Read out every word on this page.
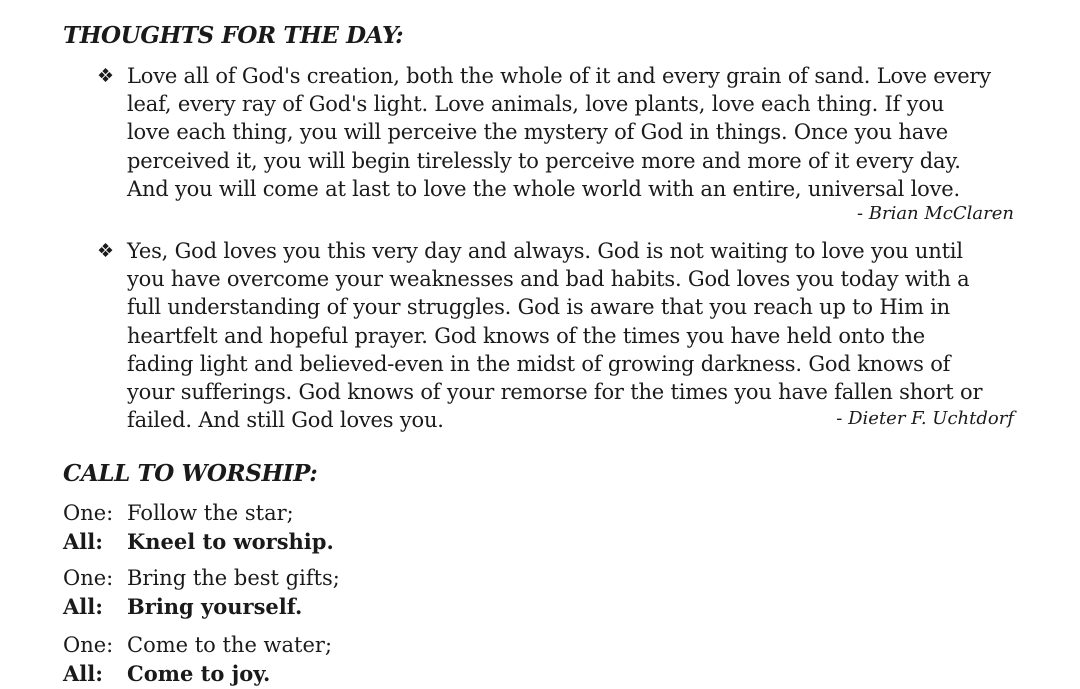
THOUGHTS FOR THE DAY:
❖ Love all of God's creation, both the whole of it and every grain of sand. Love every
leaf, every ray of God's light. Love animals, love plants, love each thing. If you
love each thing, you will perceive the mystery of God in things. Once you have
perceived it, you will begin tirelessly to perceive more and more of it every day.
And you will come at last to love the whole world with an entire, universal love.
- Brian McClaren
❖ Yes, God loves you this very day and always. God is not waiting to love you until
you have overcome your weaknesses and bad habits. God loves you today with a
full understanding of your struggles. God is aware that you reach up to Him in
heartfelt and hopeful prayer. God knows of the times you have held onto the
fading light and believed-even in the midst of growing darkness. God knows of
your sufferings. God knows of your remorse for the times you have fallen short or
failed. And still God loves you.	- Dieter F. Uchtdorf
CALL TO WORSHIP:
One: Follow the star;
All: Kneel to worship.
One: Bring the best gifts;
All: Bring yourself.
One: Come to the water;
All: Come to joy.
